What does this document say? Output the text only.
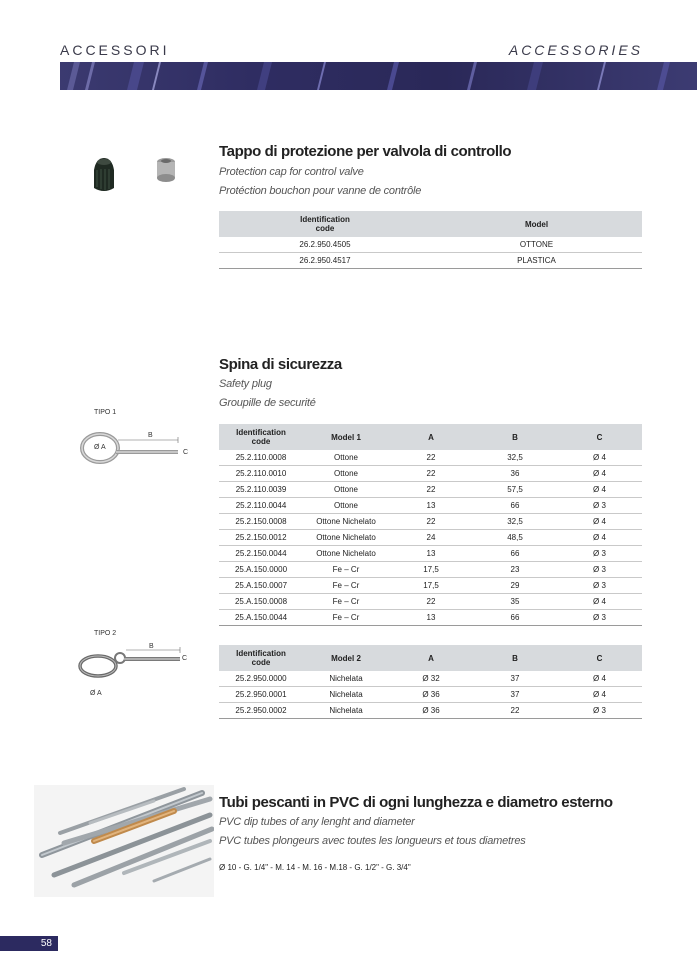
ACCESSORI	ACCESSORIES
Tappo di protezione per valvola di controllo
Protection cap for control valve
Protéction bouchon pour vanne de contrôle
Identification code	Model
26.2.950.4505	OTTONE
26.2.950.4517	PLASTICA
Spina di sicurezza
Safety plug
Groupille de securité
TIPO 1
B
Ø A
C
TIPO 2
B
C
Ø A
Identification code	Model 1	A	B	C
25.2.110.0008	Ottone	22	32,5	Ø 4
25.2.110.0010	Ottone	22	36	Ø 4
25.2.110.0039	Ottone	22	57,5	Ø 4
25.2.110.0044	Ottone	13	66	Ø 3
25.2.150.0008	Ottone Nichelato	22	32,5	Ø 4
25.2.150.0012	Ottone Nichelato	24	48,5	Ø 4
25.2.150.0044	Ottone Nichelato	13	66	Ø 3
25.A.150.0000	Fe – Cr	17,5	23	Ø 3
25.A.150.0007	Fe – Cr	17,5	29	Ø 3
25.A.150.0008	Fe – Cr	22	35	Ø 4
25.A.150.0044	Fe – Cr	13	66	Ø 3
Identification code	Model 2	A	B	C
25.2.950.0000	Nichelata	Ø 32	37	Ø 4
25.2.950.0001	Nichelata	Ø 36	37	Ø 4
25.2.950.0002	Nichelata	Ø 36	22	Ø 3
Tubi pescanti in PVC di ogni lunghezza e diametro esterno
PVC dip tubes of any lenght and diameter
PVC tubes plongeurs avec toutes les longueurs et tous diametres
Ø 10 - G. 1/4" - M. 14 - M. 16 - M.18 - G. 1/2" - G. 3/4"
58
